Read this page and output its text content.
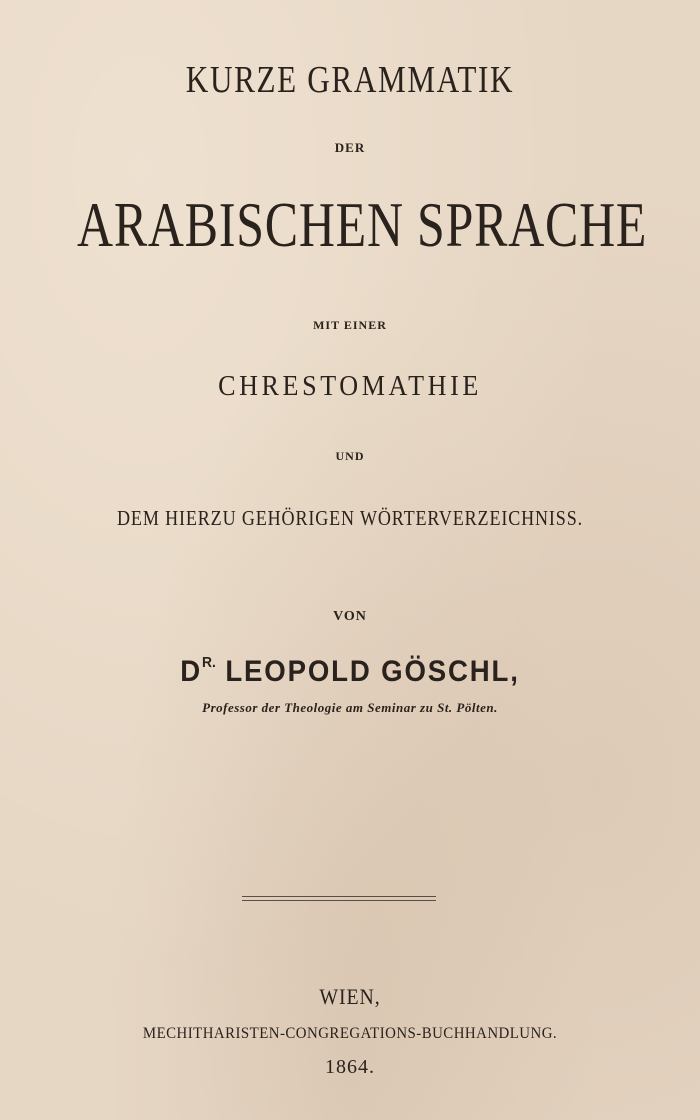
KURZE GRAMMATIK
DER
ARABISCHEN SPRACHE
MIT EINER
CHRESTOMATHIE
UND
DEM HIERZU GEHÖRIGEN WÖRTERVERZEICHNISS.
VON
$D^{R.}$ LEOPOLD GÖSCHL,
Professor der Theologie am Seminar zu St. Pölten.
WIEN,
MECHITHARISTEN-CONGREGATIONS-BUCHHANDLUNG.
1864.
